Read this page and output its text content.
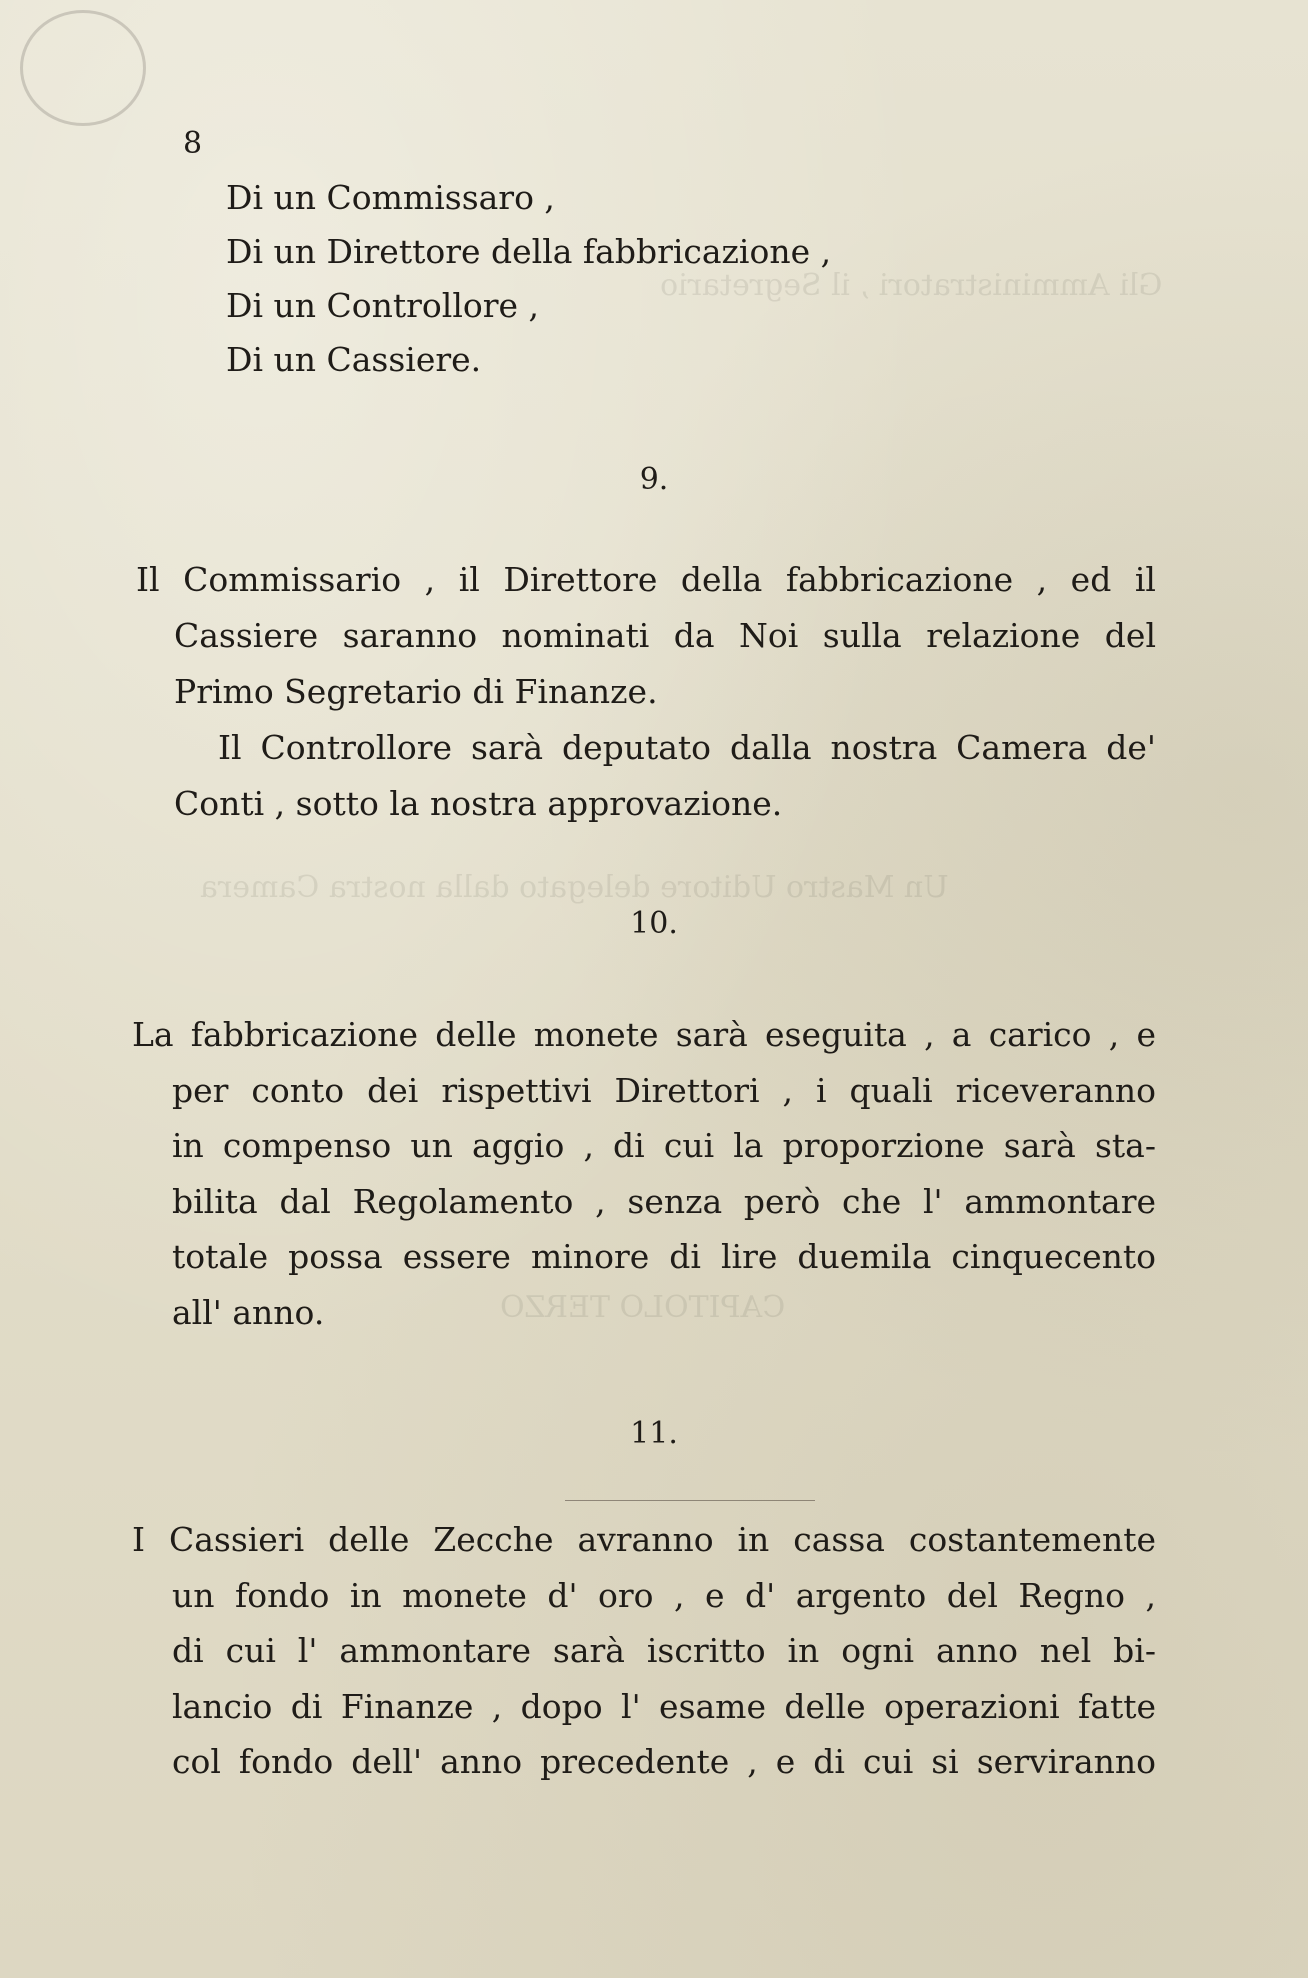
Gli Amministratori , il Segretario
Un Mastro Uditore delegato dalla nostra Camera
CAPITOLO TERZO

8

Di un Commissaro ,

Di un Direttore della fabbricazione ,

Di un Controllore ,

Di un Cassiere.

9.

Il Commissario , il Direttore della fabbricazione , ed il

Cassiere saranno nominati da Noi sulla relazione del

Primo Segretario di Finanze.

Il Controllore sarà deputato dalla nostra Camera de'

Conti , sotto la nostra approvazione.

10.

La fabbricazione delle monete sarà eseguita , a carico , e

per conto dei rispettivi Direttori , i quali riceveranno

in compenso un aggio , di cui la proporzione sarà sta-

bilita dal Regolamento , senza però che l' ammontare

totale possa essere minore di lire duemila cinquecento

all' anno.

11.

I Cassieri delle Zecche avranno in cassa costantemente

un fondo in monete d' oro , e d' argento del Regno ,

di cui l' ammontare sarà iscritto in ogni anno nel bi-

lancio di Finanze , dopo l' esame delle operazioni fatte

col fondo dell' anno precedente , e di cui si serviranno
